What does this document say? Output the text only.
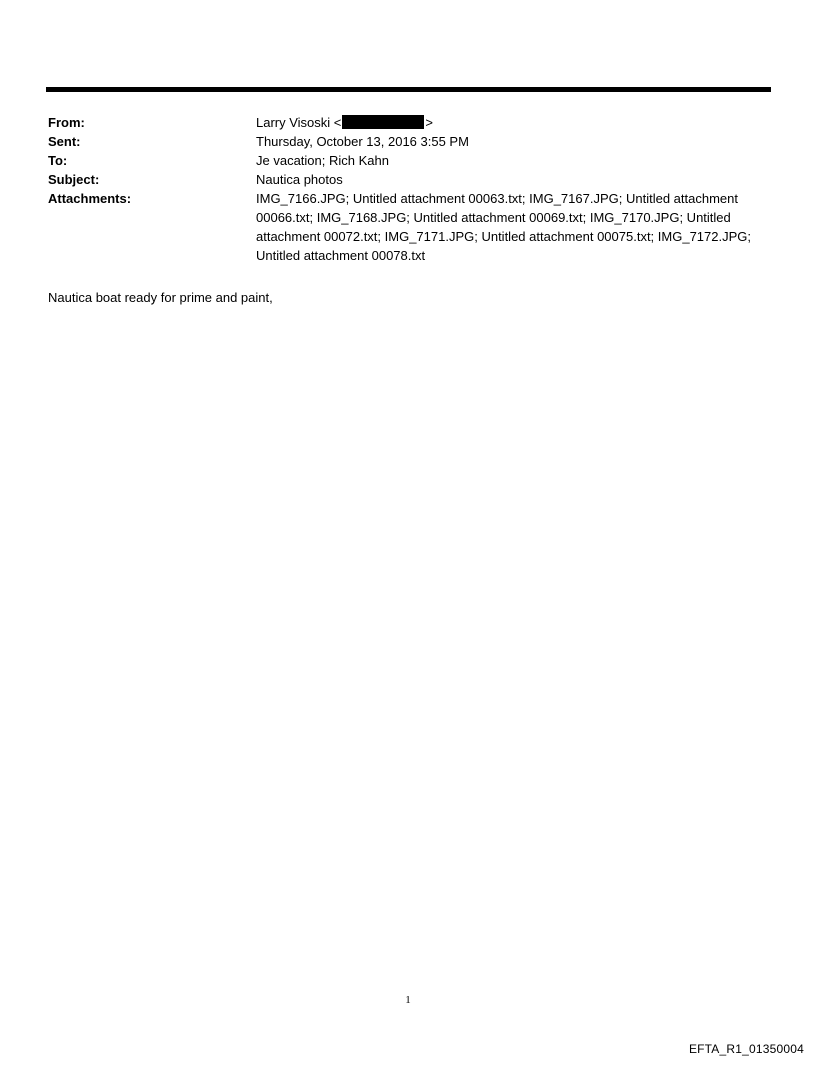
From:	Larry Visoski <	>
Sent:	Thursday, October 13, 2016 3:55 PM
To:	Je vacation; Rich Kahn
Subject:	Nautica photos
Attachments:	IMG_7166.JPG; Untitled attachment 00063.txt; IMG_7167.JPG; Untitled attachment 00066.txt; IMG_7168.JPG; Untitled attachment 00069.txt; IMG_7170.JPG; Untitled attachment 00072.txt; IMG_7171.JPG; Untitled attachment 00075.txt; IMG_7172.JPG; Untitled attachment 00078.txt
Nautica boat ready for prime and paint,
1
EFTA_R1_01350004
